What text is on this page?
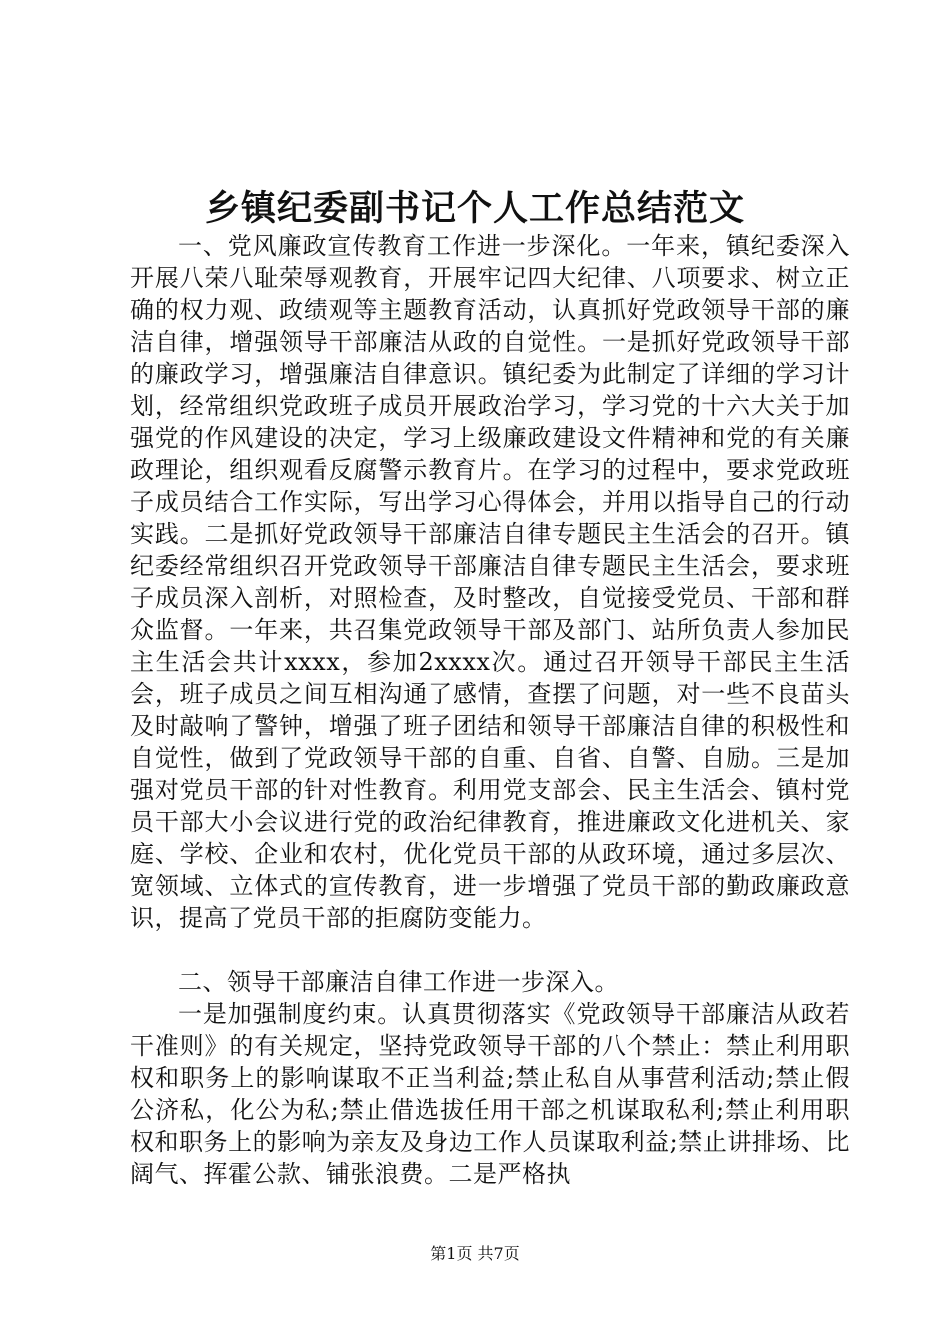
乡镇纪委副书记个人工作总结范文

一、党风廉政宣传教育工作进一步深化。一年来，镇纪委深入开展八荣八耻荣辱观教育，开展牢记四大纪律、八项要求、树立正确的权力观、政绩观等主题教育活动，认真抓好党政领导干部的廉洁自律，增强领导干部廉洁从政的自觉性。一是抓好党政领导干部的廉政学习，增强廉洁自律意识。镇纪委为此制定了详细的学习计划，经常组织党政班子成员开展政治学习，学习党的十六大关于加强党的作风建设的决定，学习上级廉政建设文件精神和党的有关廉政理论，组织观看反腐警示教育片。在学习的过程中，要求党政班子成员结合工作实际，写出学习心得体会，并用以指导自己的行动实践。二是抓好党政领导干部廉洁自律专题民主生活会的召开。镇纪委经常组织召开党政领导干部廉洁自律专题民主生活会，要求班子成员深入剖析，对照检查，及时整改，自觉接受党员、干部和群众监督。一年来，共召集党政领导干部及部门、站所负责人参加民主生活会共计xxxx，参加2xxxx次。通过召开领导干部民主生活会，班子成员之间互相沟通了感情，查摆了问题，对一些不良苗头及时敲响了警钟，增强了班子团结和领导干部廉洁自律的积极性和自觉性，做到了党政领导干部的自重、自省、自警、自励。三是加强对党员干部的针对性教育。利用党支部会、民主生活会、镇村党员干部大小会议进行党的政治纪律教育，推进廉政文化进机关、家庭、学校、企业和农村，优化党员干部的从政环境，通过多层次、宽领域、立体式的宣传教育，进一步增强了党员干部的勤政廉政意识，提高了党员干部的拒腐防变能力。

二、领导干部廉洁自律工作进一步深入。

一是加强制度约束。认真贯彻落实《党政领导干部廉洁从政若干准则》的有关规定，坚持党政领导干部的八个禁止：禁止利用职权和职务上的影响谋取不正当利益;禁止私自从事营利活动;禁止假公济私，化公为私;禁止借选拔任用干部之机谋取私利;禁止利用职权和职务上的影响为亲友及身边工作人员谋取利益;禁止讲排场、比阔气、挥霍公款、铺张浪费。二是严格执

第1页 共7页
